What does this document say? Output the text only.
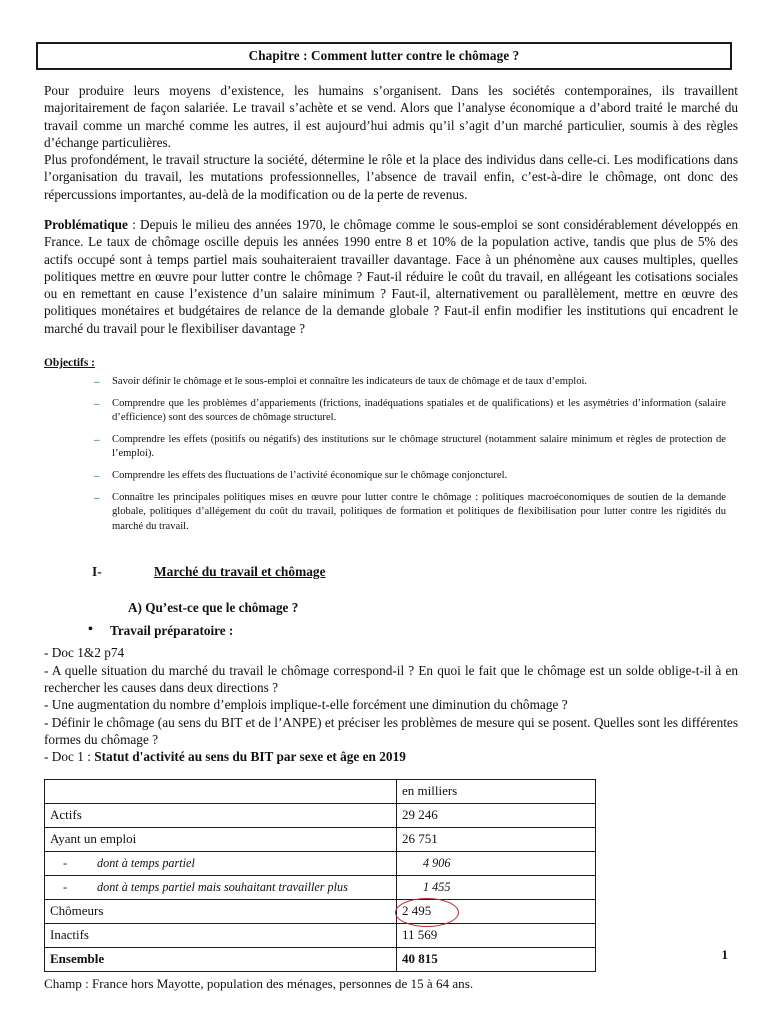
Chapitre : Comment lutter contre le chômage ?

Pour produire leurs moyens d’existence, les humains s’organisent. Dans les sociétés contemporaines, ils travaillent majoritairement de façon salariée. Le travail s’achète et se vend. Alors que l’analyse économique a d’abord traité le marché du travail comme un marché comme les autres, il est aujourd’hui admis qu’il s’agit d’un marché particulier, soumis à des règles d’échange particulières.

Plus profondément, le travail structure la société, détermine le rôle et la place des individus dans celle-ci. Les modifications dans l’organisation du travail, les mutations professionnelles, l’absence de travail enfin, c’est-à-dire le chômage, ont donc des répercussions importantes, au-delà de la modification ou de la perte de revenus.

Problématique : Depuis le milieu des années 1970, le chômage comme le sous-emploi se sont considérablement développés en France. Le taux de chômage oscille depuis les années 1990 entre 8 et 10% de la population active, tandis que plus de 5% des actifs occupé sont à temps partiel mais souhaiteraient travailler davantage. Face à un phénomène aux causes multiples, quelles politiques mettre en œuvre pour lutter contre le chômage ? Faut-il réduire le coût du travail, en allégeant les cotisations sociales ou en remettant en cause l’existence d’un salaire minimum ? Faut-il, alternativement ou parallèlement, mettre en œuvre des politiques monétaires et budgétaires de relance de la demande globale ? Faut-il enfin modifier les institutions qui encadrent le marché du travail pour le flexibiliser davantage ?

Objectifs :
– Savoir définir le chômage et le sous-emploi et connaître les indicateurs de taux de chômage et de taux d’emploi.
– Comprendre que les problèmes d’appariements (frictions, inadéquations spatiales et de qualifications) et les asymétries d’information (salaire d’efficience) sont des sources de chômage structurel.
– Comprendre les effets (positifs ou négatifs) des institutions sur le chômage structurel (notamment salaire minimum et règles de protection de l’emploi).
– Comprendre les effets des fluctuations de l’activité économique sur le chômage conjoncturel.
– Connaître les principales politiques mises en œuvre pour lutter contre le chômage : politiques macroéconomiques de soutien de la demande globale, politiques d’allégement du coût du travail, politiques de formation et politiques de flexibilisation pour lutter contre les rigidités du marché du travail.
I-	Marché du travail et chômage
A) Qu’est-ce que le chômage ?
• Travail préparatoire :

- Doc 1&2 p74

- A quelle situation du marché du travail le chômage correspond-il ? En quoi le fait que le chômage est un solde oblige-t-il à en rechercher les causes dans deux directions ?

- Une augmentation du nombre d’emplois implique-t-elle forcément une diminution du chômage ?

- Définir le chômage (au sens du BIT et de l’ANPE) et préciser les problèmes de mesure qui se posent. Quelles sont les différentes formes du chômage ?

- Doc 1 : Statut d'activité au sens du BIT par sexe et âge en 2019

	en milliers
Actifs	29 246
Ayant un emploi	26 751
- dont à temps partiel	4 906
- dont à temps partiel mais souhaitant travailler plus	1 455
Chômeurs	2 495
Inactifs	11 569
Ensemble	40 815
Champ : France hors Mayotte, population des ménages, personnes de 15 à 64 ans.
1
